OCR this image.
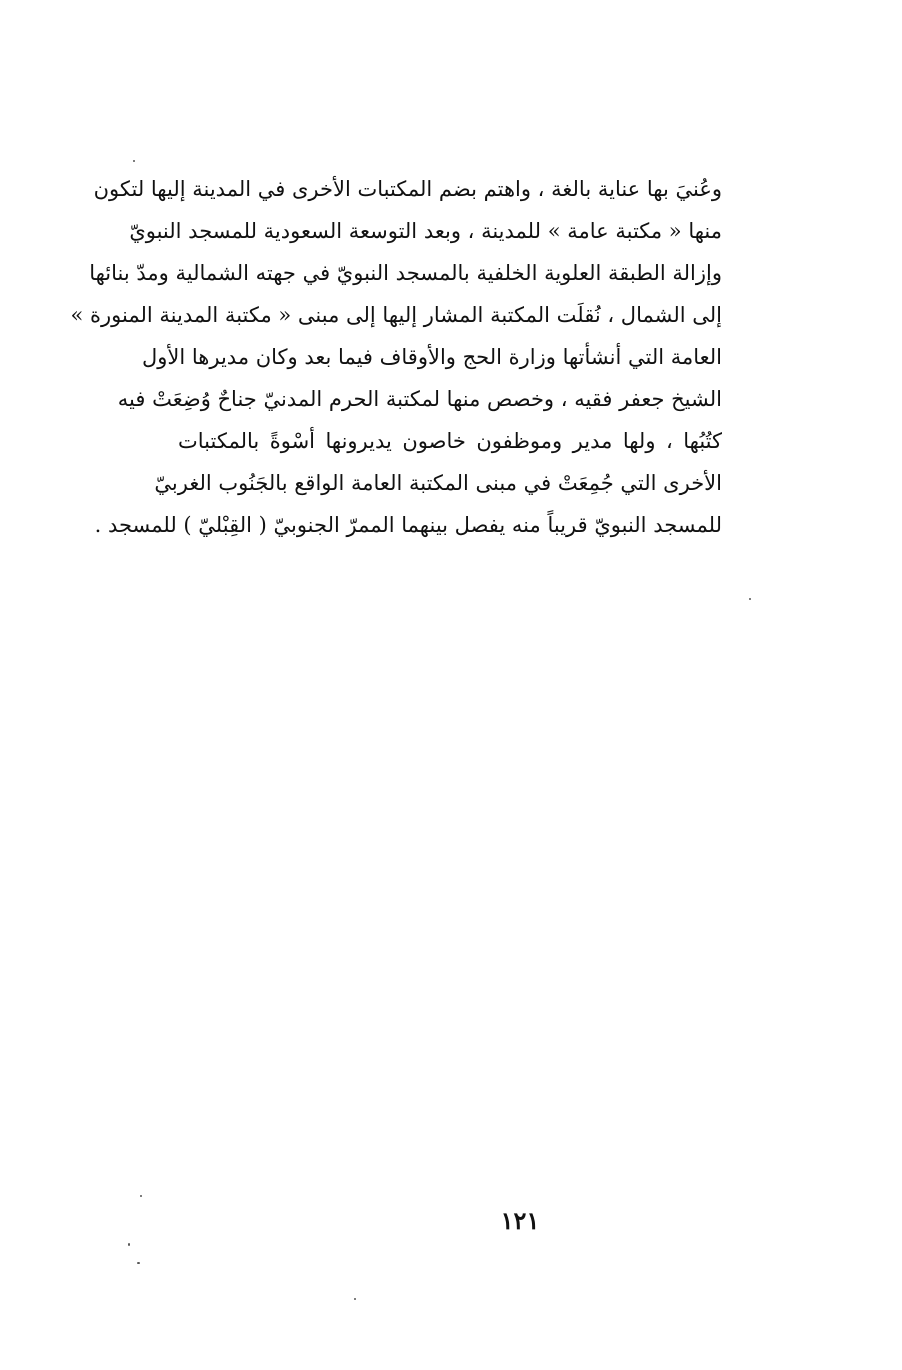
وعُنيَ بها عناية بالغة ، واهتم بضم المكتبات الأخرى في المدينة إليها لتكون
منها « مكتبة عامة » للمدينة ، وبعد التوسعة السعودية للمسجد النبويّ
وإزالة الطبقة العلوية الخلفية بالمسجد النبويّ في جهته الشمالية ومدّ بنائها
إلى الشمال ، نُقلَت المكتبة المشار إليها إلى مبنى « مكتبة المدينة المنورة »
العامة التي أنشأتها وزارة الحج والأوقاف فيما بعد وكان مديرها الأول
الشيخ جعفر فقيه ، وخصص منها لمكتبة الحرم المدنيّ جناحٌ وُضِعَتْ فيه
كتُبُها ، ولها مدير وموظفون خاصون يديرونها أسْوةً بالمكتبات
الأخرى التي جُمِعَتْ في مبنى المكتبة العامة الواقع بالجَنُوب الغربيّ
للمسجد النبويّ قريباً منه يفصل بينهما الممرّ الجنوبيّ ( القِبْليّ ) للمسجد .
١٢١
